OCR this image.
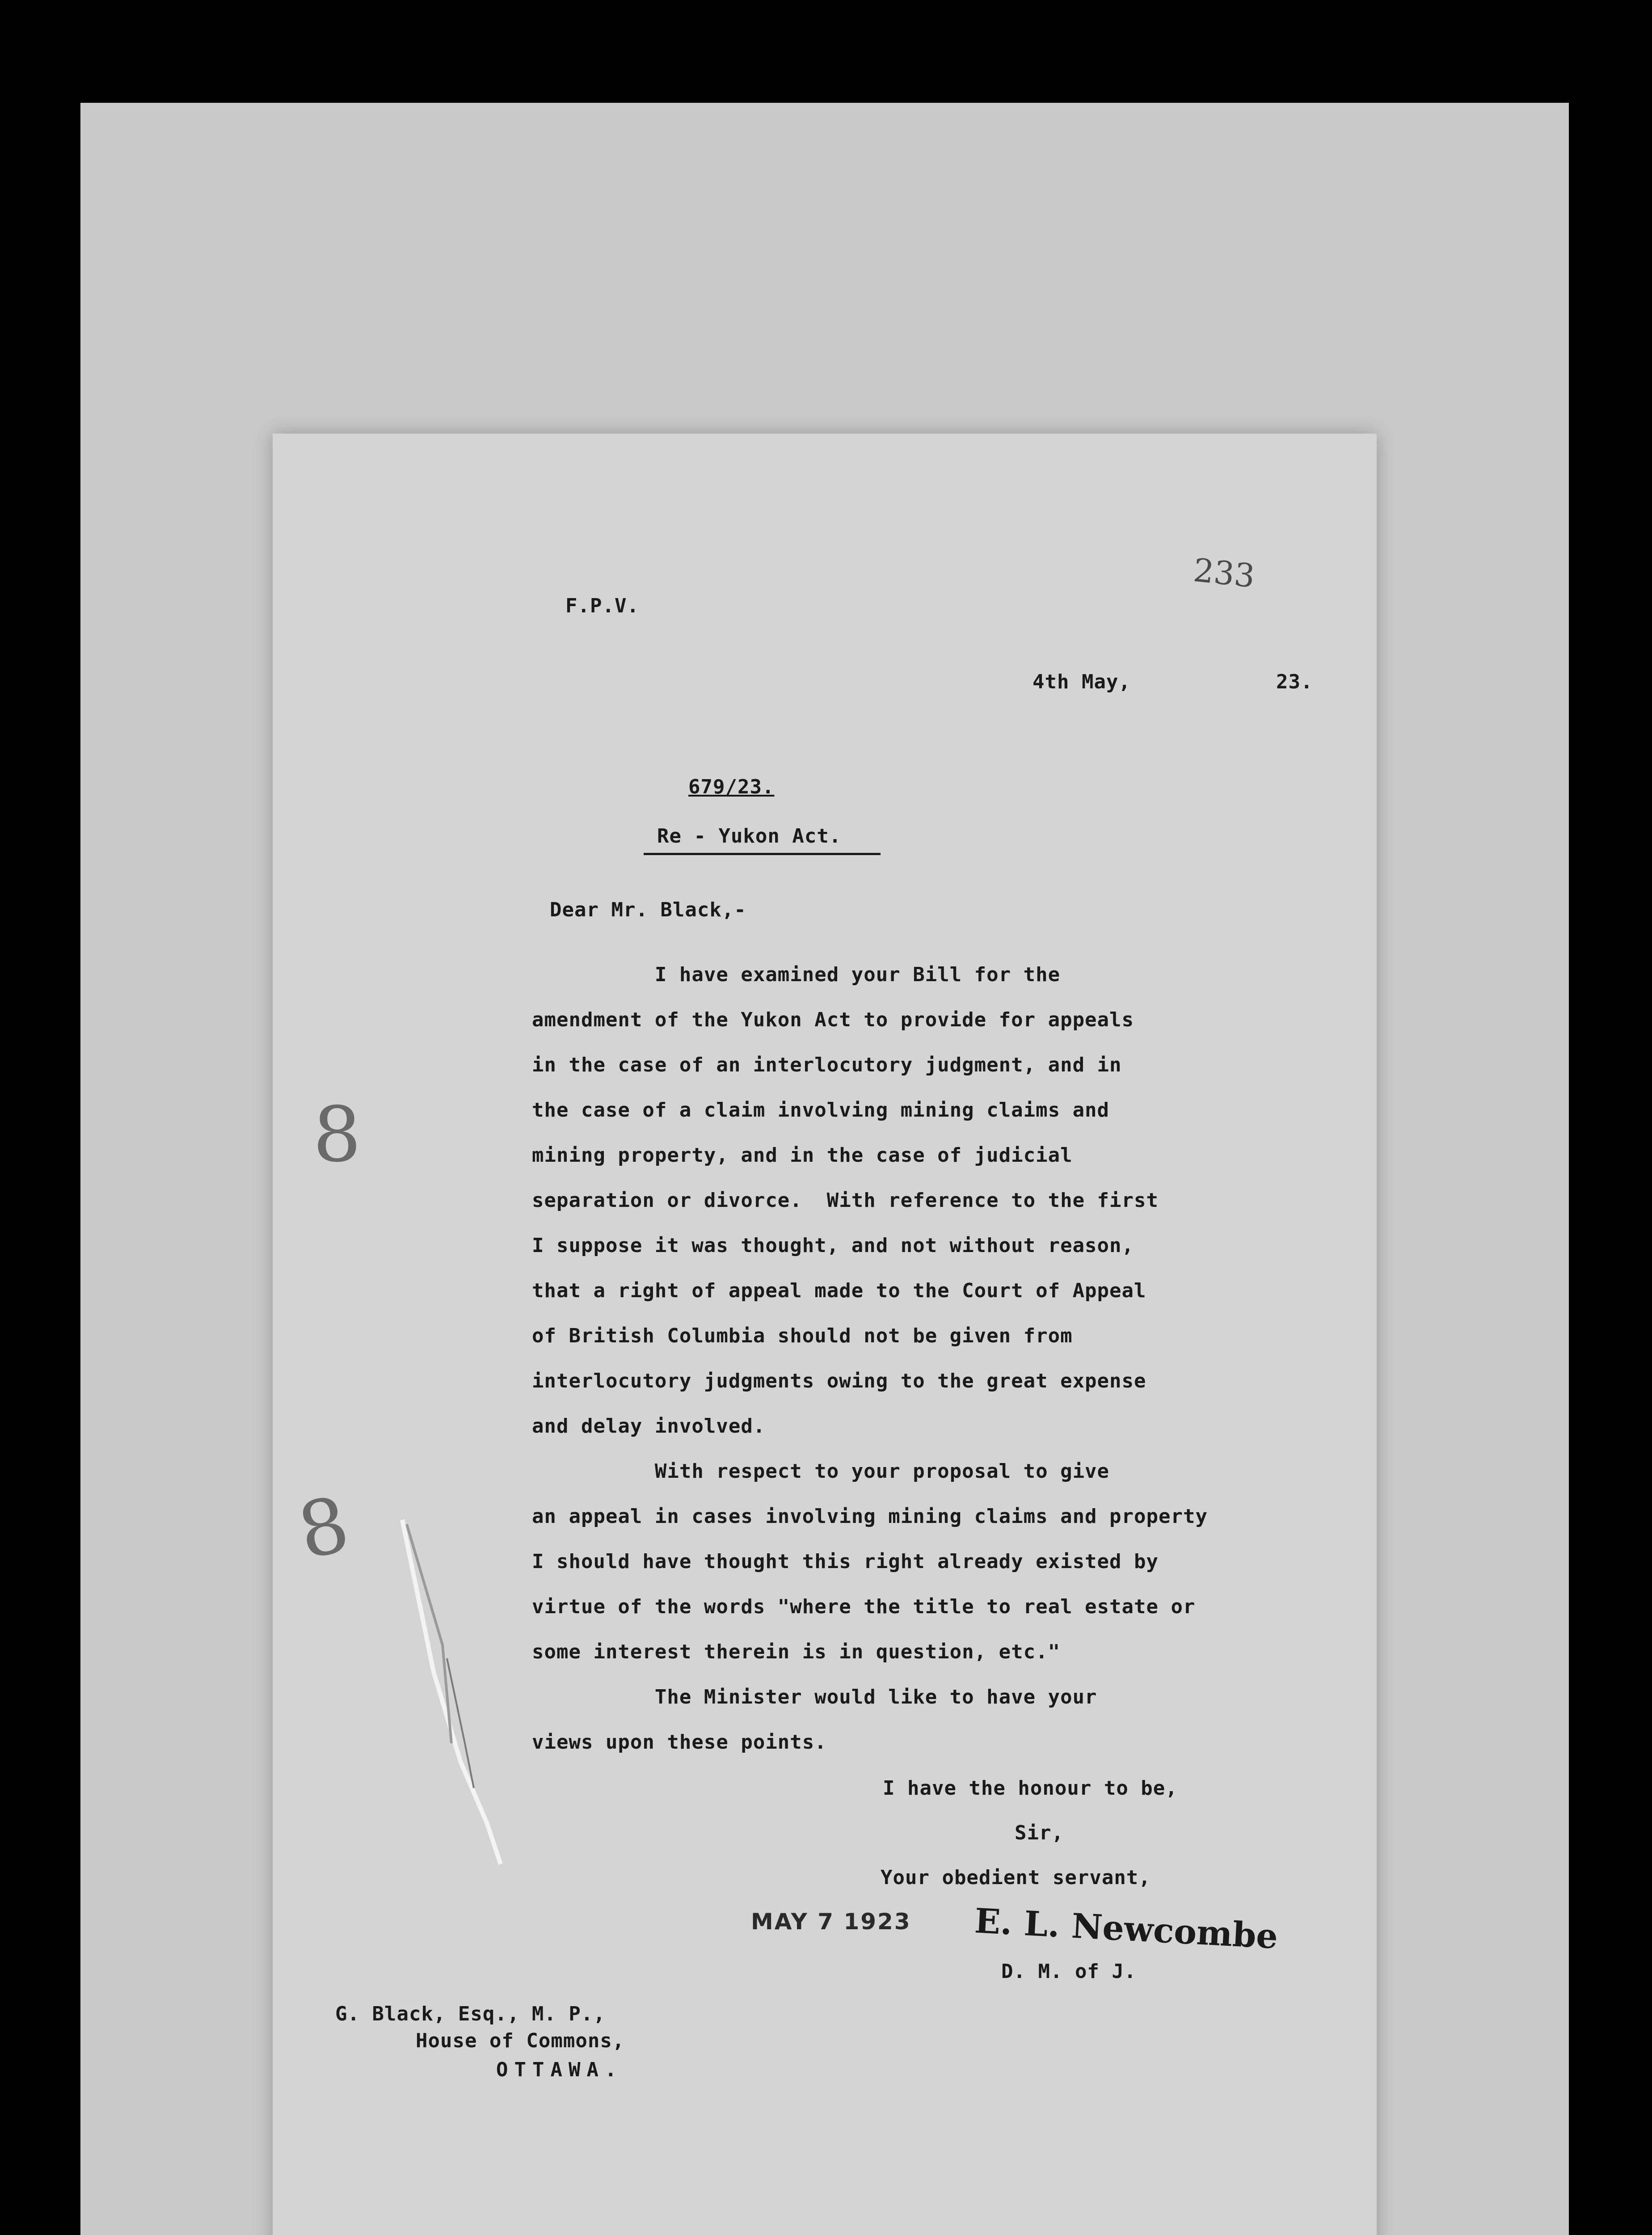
233
F.P.V.
4th May,	23.
679/23.
Re - Yukon Act.
Dear Mr. Black,-
I have examined your Bill for the
amendment of the Yukon Act to provide for appeals
in the case of an interlocutory judgment, and in
the case of a claim involving mining claims and
mining property, and in the case of judicial
separation or divorce.  With reference to the first
I suppose it was thought, and not without reason,
that a right of appeal made to the Court of Appeal
of British Columbia should not be given from
interlocutory judgments owing to the great expense
and delay involved.
With respect to your proposal to give
an appeal in cases involving mining claims and property
I should have thought this right already existed by
virtue of the words "where the title to real estate or
some interest therein is in question, etc."
The Minister would like to have your
views upon these points.
I have the honour to be,
Sir,
Your obedient servant,
MAY 7 1923 E. L. Newcombe
D. M. of J.
G. Black, Esq., M. P.,
House of Commons,
OTTAWA.
8
8
